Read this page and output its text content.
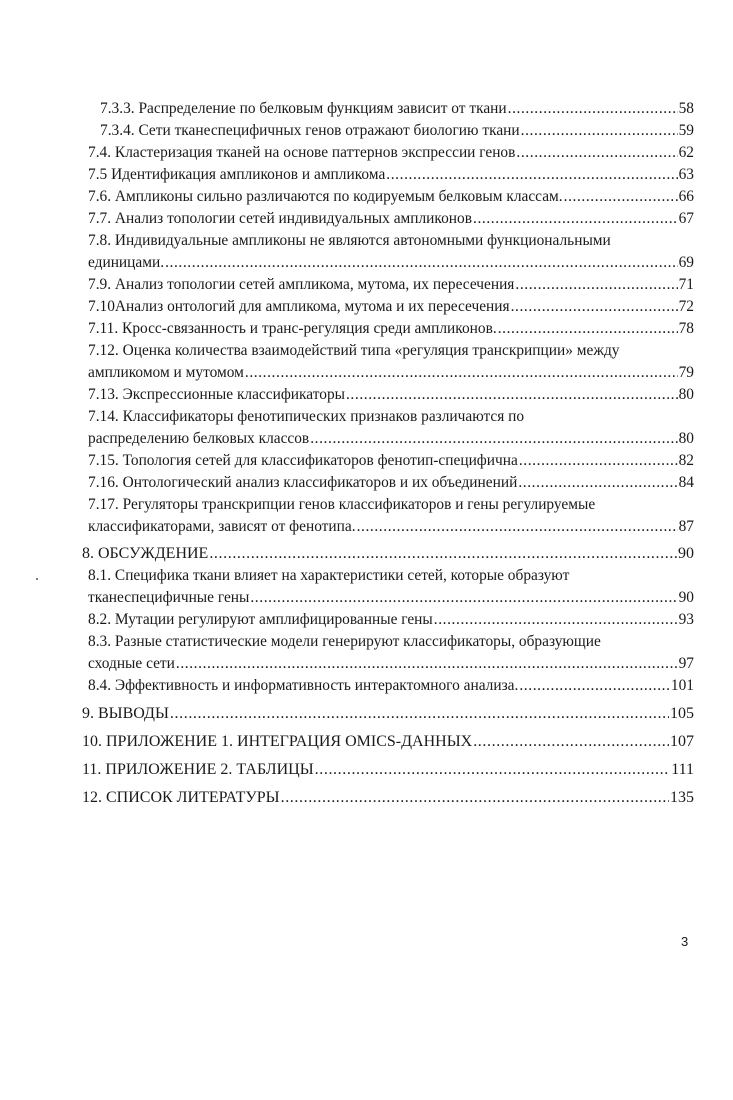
7.3.3. Распределение по белковым функциям зависит от ткани .....	58
7.3.4. Сети тканеспецифичных генов отражают биологию ткани .....	59
7.4. Кластеризация тканей на основе паттернов экспрессии генов .....	62
7.5 Идентификация ампликонов и ампликома .....	63
7.6. Ампликоны сильно различаются по кодируемым белковым классам. .....	66
7.7. Анализ топологии сетей индивидуальных ампликонов .....	67
7.8. Индивидуальные ампликоны не являются автономными функциональными
единицами. .....	69
7.9. Анализ топологии сетей ампликома, мутома, их пересечения .....	71
7.10Анализ онтологий для ампликома, мутома и их пересечения .....	72
7.11. Кросс-связанность и транс-регуляция среди ампликонов. .....	78
7.12. Оценка количества взаимодействий типа «регуляция транскрипции» между
ампликомом и мутомом .....	79
7.13. Экспрессионные классификаторы .....	80
7.14. Классификаторы фенотипических признаков различаются по
распределению белковых классов .....	80
7.15. Топология сетей для классификаторов фенотип-специфична .....	82
7.16. Онтологический анализ классификаторов и их объединений .....	84
7.17. Регуляторы транскрипции генов классификаторов и гены регулируемые
классификаторами, зависят от фенотипа. .....	87
8. ОБСУЖДЕНИЕ .....	90
8.1. Специфика ткани влияет на характеристики сетей, которые образуют
тканеспецифичные гены .....	90
8.2. Мутации регулируют амплифицированные гены .....	93
8.3. Разные статистические модели генерируют классификаторы, образующие
сходные сети .....	97
8.4. Эффективность и информативность интерактомного анализа. .....	101
9. ВЫВОДЫ .....	105
10. ПРИЛОЖЕНИЕ 1. ИНТЕГРАЦИЯ OMICS-ДАННЫХ .....	107
11. ПРИЛОЖЕНИЕ 2. ТАБЛИЦЫ .....	111
12. СПИСОК ЛИТЕРАТУРЫ .....	135
3
